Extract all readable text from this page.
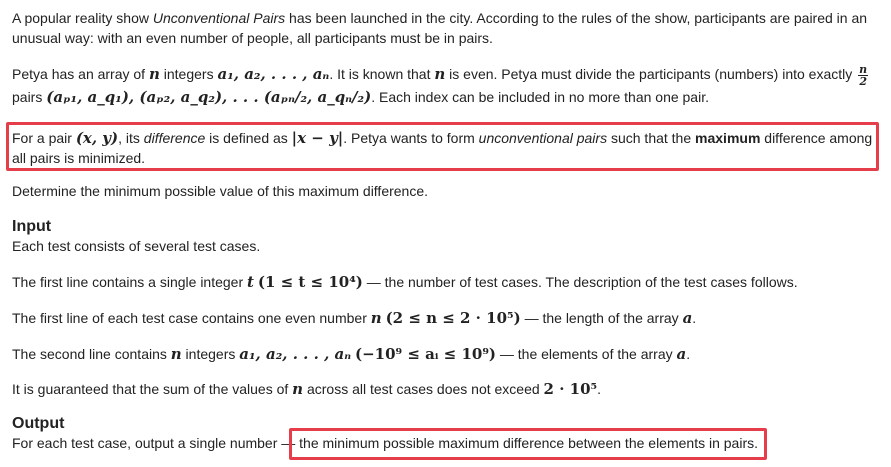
A popular reality show Unconventional Pairs has been launched in the city. According to the rules of the show, participants are paired in an unusual way: with an even number of people, all participants must be in pairs.

Petya has an array of n integers a₁, a₂, . . . , aₙ. It is known that n is even. Petya must divide the participants (numbers) into exactly $\frac{n}{2}$

pairs (aₚ₁, a_q₁), (aₚ₂, a_q₂), . . . (aₚₙ/₂, a_qₙ/₂). Each index can be included in no more than one pair.

For a pair (x, y), its difference is defined as |x − y|. Petya wants to form unconventional pairs such that the maximum difference among all pairs is minimized.

Determine the minimum possible value of this maximum difference.

Input

Each test consists of several test cases.

The first line contains a single integer t (1 ≤ t ≤ 10⁴) — the number of test cases. The description of the test cases follows.

The first line of each test case contains one even number n (2 ≤ n ≤ 2 · 10⁵) — the length of the array a.

The second line contains n integers a₁, a₂, . . . , aₙ (−10⁹ ≤ aᵢ ≤ 10⁹) — the elements of the array a.

It is guaranteed that the sum of the values of n across all test cases does not exceed 2 · 10⁵.

Output

For each test case, output a single number — the minimum possible maximum difference between the elements in pairs.
